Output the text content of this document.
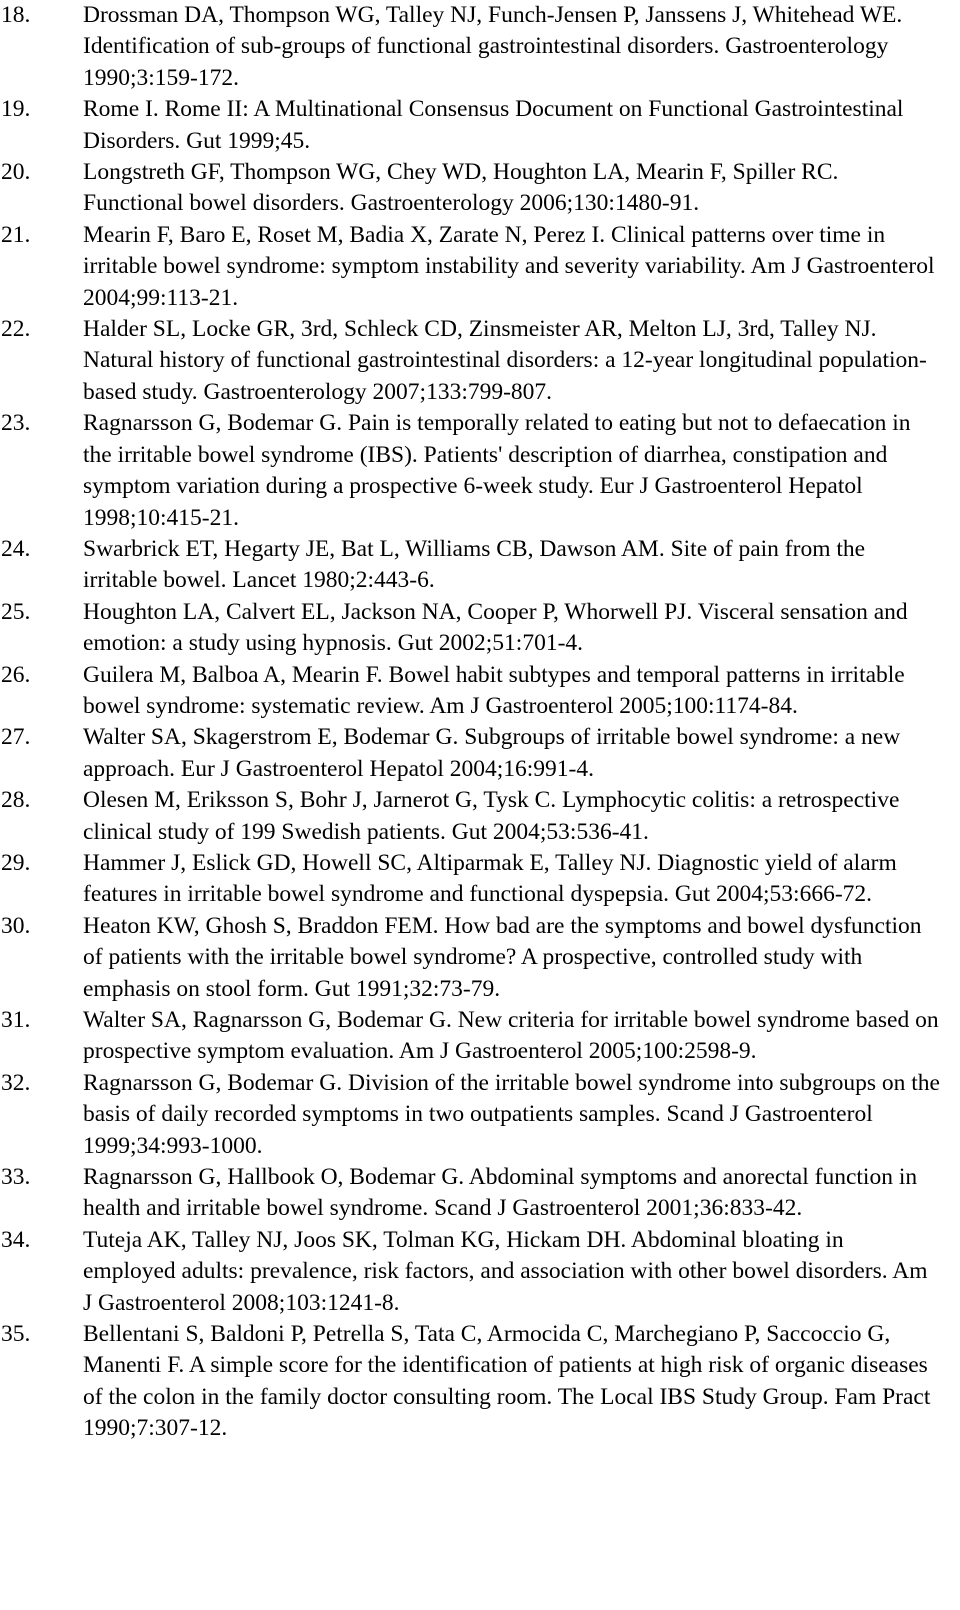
18.	Drossman DA, Thompson WG, Talley NJ, Funch-Jensen P, Janssens J, Whitehead WE. Identification of sub-groups of functional gastrointestinal disorders. Gastroenterology 1990;3:159-172.
19.	Rome I. Rome II: A Multinational Consensus Document on Functional Gastrointestinal Disorders. Gut 1999;45.
20.	Longstreth GF, Thompson WG, Chey WD, Houghton LA, Mearin F, Spiller RC. Functional bowel disorders. Gastroenterology 2006;130:1480-91.
21.	Mearin F, Baro E, Roset M, Badia X, Zarate N, Perez I. Clinical patterns over time in irritable bowel syndrome: symptom instability and severity variability. Am J Gastroenterol 2004;99:113-21.
22.	Halder SL, Locke GR, 3rd, Schleck CD, Zinsmeister AR, Melton LJ, 3rd, Talley NJ. Natural history of functional gastrointestinal disorders: a 12-year longitudinal population-based study. Gastroenterology 2007;133:799-807.
23.	Ragnarsson G, Bodemar G. Pain is temporally related to eating but not to defaecation in the irritable bowel syndrome (IBS). Patients' description of diarrhea, constipation and symptom variation during a prospective 6-week study. Eur J Gastroenterol Hepatol 1998;10:415-21.
24.	Swarbrick ET, Hegarty JE, Bat L, Williams CB, Dawson AM. Site of pain from the irritable bowel. Lancet 1980;2:443-6.
25.	Houghton LA, Calvert EL, Jackson NA, Cooper P, Whorwell PJ. Visceral sensation and emotion: a study using hypnosis. Gut 2002;51:701-4.
26.	Guilera M, Balboa A, Mearin F. Bowel habit subtypes and temporal patterns in irritable bowel syndrome: systematic review. Am J Gastroenterol 2005;100:1174-84.
27.	Walter SA, Skagerstrom E, Bodemar G. Subgroups of irritable bowel syndrome: a new approach. Eur J Gastroenterol Hepatol 2004;16:991-4.
28.	Olesen M, Eriksson S, Bohr J, Jarnerot G, Tysk C. Lymphocytic colitis: a retrospective clinical study of 199 Swedish patients. Gut 2004;53:536-41.
29.	Hammer J, Eslick GD, Howell SC, Altiparmak E, Talley NJ. Diagnostic yield of alarm features in irritable bowel syndrome and functional dyspepsia. Gut 2004;53:666-72.
30.	Heaton KW, Ghosh S, Braddon FEM. How bad are the symptoms and bowel dysfunction of patients with the irritable bowel syndrome? A prospective, controlled study with emphasis on stool form. Gut 1991;32:73-79.
31.	Walter SA, Ragnarsson G, Bodemar G. New criteria for irritable bowel syndrome based on prospective symptom evaluation. Am J Gastroenterol 2005;100:2598-9.
32.	Ragnarsson G, Bodemar G. Division of the irritable bowel syndrome into subgroups on the basis of daily recorded symptoms in two outpatients samples. Scand J Gastroenterol 1999;34:993-1000.
33.	Ragnarsson G, Hallbook O, Bodemar G. Abdominal symptoms and anorectal function in health and irritable bowel syndrome. Scand J Gastroenterol 2001;36:833-42.
34.	Tuteja AK, Talley NJ, Joos SK, Tolman KG, Hickam DH. Abdominal bloating in employed adults: prevalence, risk factors, and association with other bowel disorders. Am J Gastroenterol 2008;103:1241-8.
35.	Bellentani S, Baldoni P, Petrella S, Tata C, Armocida C, Marchegiano P, Saccoccio G, Manenti F. A simple score for the identification of patients at high risk of organic diseases of the colon in the family doctor consulting room. The Local IBS Study Group. Fam Pract 1990;7:307-12.
